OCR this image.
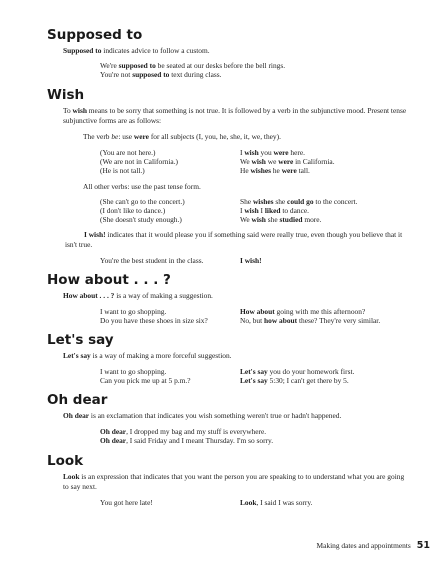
Supposed to

Supposed to indicates advice to follow a custom.

We're supposed to be seated at our desks before the bell rings.

You're not supposed to text during class.

Wish

To wish means to be sorry that something is not true. It is followed by a verb in the subjunctive mood. Present tense subjunctive forms are as follows:

The verb be: use were for all subjects (I, you, he, she, it, we, they).

(You are not here.)

(We are not in California.)

(He is not tall.)

I wish you were here.

We wish we were in California.

He wishes he were tall.

All other verbs: use the past tense form.

(She can't go to the concert.)

(I don't like to dance.)

(She doesn't study enough.)

She wishes she could go to the concert.

I wish I liked to dance.

We wish she studied more.

I wish! indicates that it would please you if something said were really true, even though you believe that it isn't true.

You're the best student in the class.	I wish!

How about . . . ?

How about . . . ? is a way of making a suggestion.

I want to go shopping.

Do you have these shoes in size six?

How about going with me this afternoon?

No, but how about these? They're very similar.

Let's say

Let's say is a way of making a more forceful suggestion.

I want to go shopping.

Can you pick me up at 5 p.m.?

Let's say you do your homework first.

Let's say 5:30; I can't get there by 5.

Oh dear

Oh dear is an exclamation that indicates you wish something weren't true or hadn't happened.

Oh dear, I dropped my bag and my stuff is everywhere.

Oh dear, I said Friday and I meant Thursday. I'm so sorry.

Look

Look is an expression that indicates that you want the person you are speaking to to understand what you are going to say next.

You got here late!	Look, I said I was sorry.

Making dates and appointments 51
